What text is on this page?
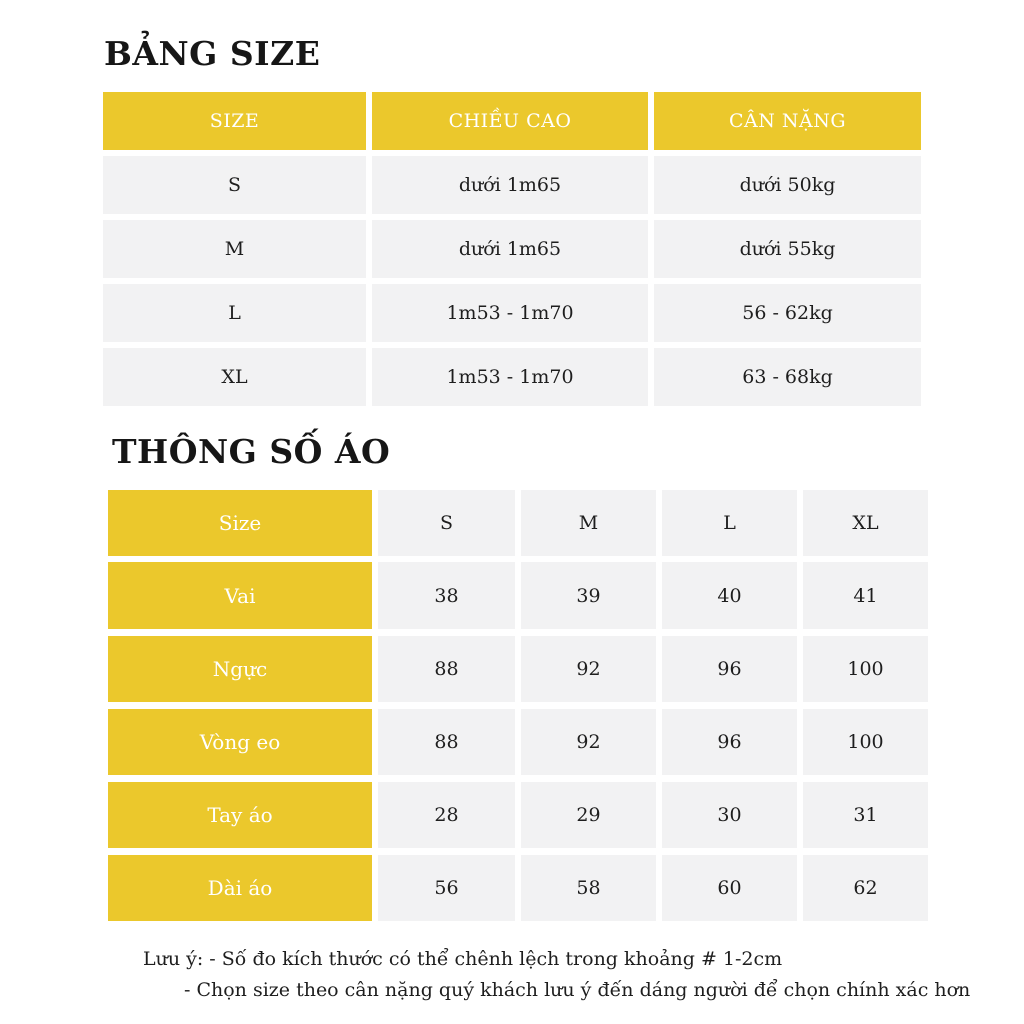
BẢNG SIZE
SIZE	CHIỀU CAO	CÂN NẶNG
S	dưới 1m65	dưới 50kg
M	dưới 1m65	dưới 55kg
L	1m53 - 1m70	56 - 62kg
XL	1m53 - 1m70	63 - 68kg
THÔNG SỐ ÁO
Size	S	M	L	XL
Vai	38	39	40	41
Ngực	88	92	96	100
Vòng eo	88	92	96	100
Tay áo	28	29	30	31
Dài áo	56	58	60	62
Lưu ý: - Số đo kích thước có thể chênh lệch trong khoảng # 1-2cm
- Chọn size theo cân nặng quý khách lưu ý đến dáng người để chọn chính xác hơn
